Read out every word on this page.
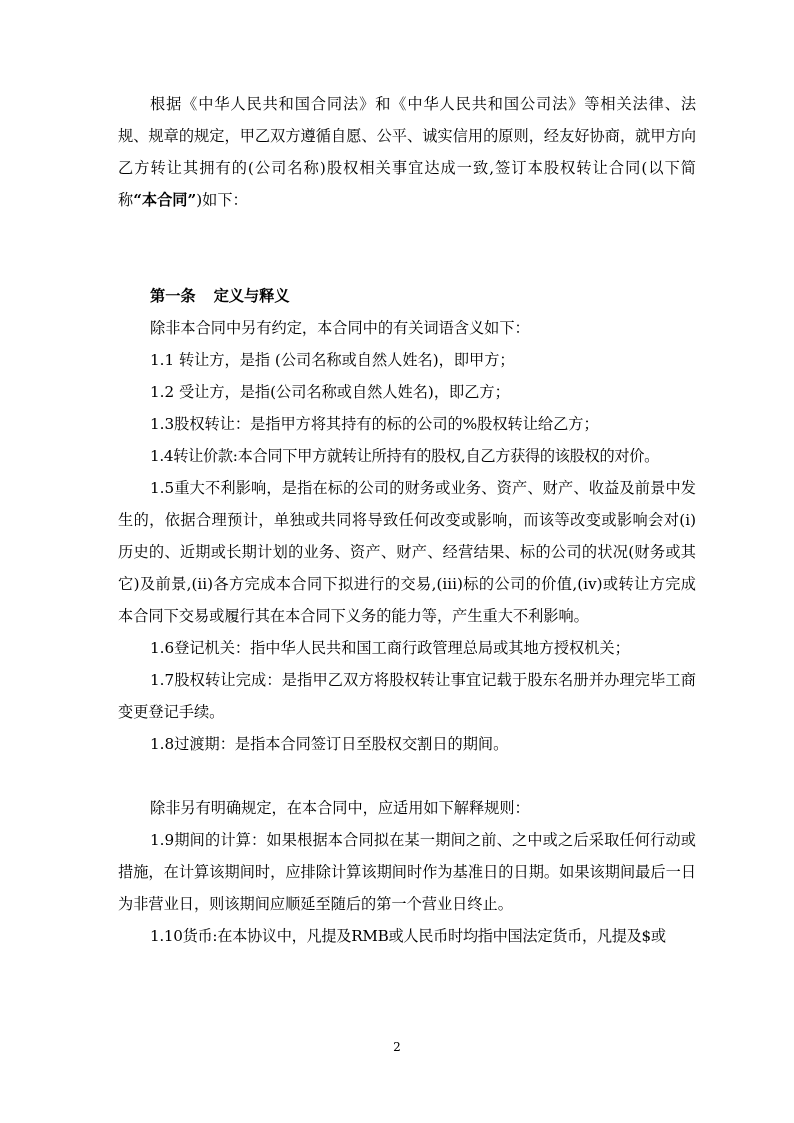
根据《中华人民共和国合同法》和《中华人民共和国公司法》等相关法律、法规、规章的规定，甲乙双方遵循自愿、公平、诚实信用的原则，经友好协商，就甲方向乙方转让其拥有的(公司名称)股权相关事宜达成一致,签订本股权转让合同(以下简称“本合同”)如下：

第一条 定义与释义

除非本合同中另有约定，本合同中的有关词语含义如下：

1.1 转让方，是指 (公司名称或自然人姓名)，即甲方；

1.2 受让方，是指(公司名称或自然人姓名)，即乙方；

1.3股权转让：是指甲方将其持有的标的公司的%股权转让给乙方；

1.4转让价款:本合同下甲方就转让所持有的股权,自乙方获得的该股权的对价。

1.5重大不利影响，是指在标的公司的财务或业务、资产、财产、收益及前景中发生的，依据合理预计，单独或共同将导致任何改变或影响，而该等改变或影响会对(i)历史的、近期或长期计划的业务、资产、财产、经营结果、标的公司的状况(财务或其它)及前景,(ii)各方完成本合同下拟进行的交易,(iii)标的公司的价值,(iv)或转让方完成本合同下交易或履行其在本合同下义务的能力等，产生重大不利影响。

1.6登记机关：指中华人民共和国工商行政管理总局或其地方授权机关；

1.7股权转让完成：是指甲乙双方将股权转让事宜记载于股东名册并办理完毕工商变更登记手续。

1.8过渡期：是指本合同签订日至股权交割日的期间。

除非另有明确规定，在本合同中，应适用如下解释规则：

1.9期间的计算：如果根据本合同拟在某一期间之前、之中或之后采取任何行动或措施，在计算该期间时，应排除计算该期间时作为基准日的日期。如果该期间最后一日为非营业日，则该期间应顺延至随后的第一个营业日终止。

1.10货币:在本协议中，凡提及RMB或人民币时均指中国法定货币，凡提及$或

2
